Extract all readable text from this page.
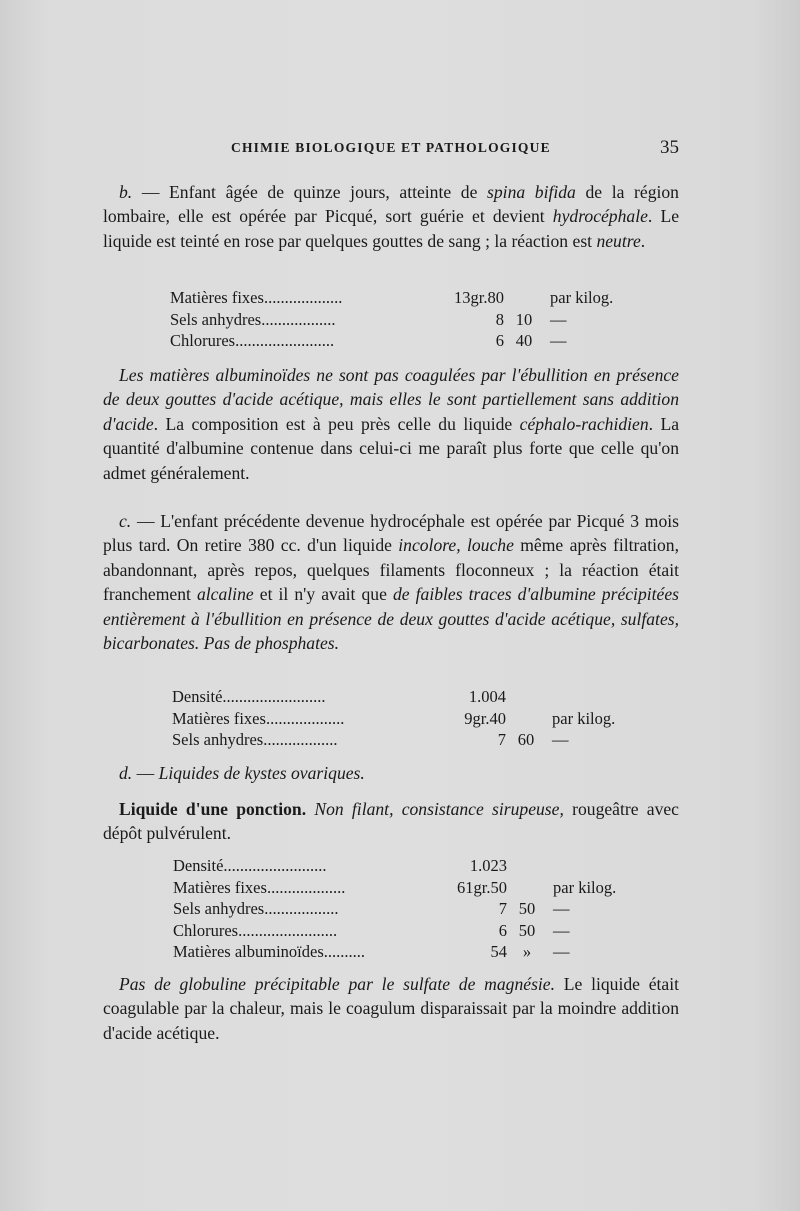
CHIMIE BIOLOGIQUE ET PATHOLOGIQUE	35

b. — Enfant âgée de quinze jours, atteinte de spina bifida de la région lombaire, elle est opérée par Picqué, sort guérie et devient hydrocéphale. Le liquide est teinté en rose par quelques gouttes de sang ; la réaction est neutre.

Matières fixes...................	13gr.80		par kilog.
Sels anhydres..................	8	10	—
Chlorures........................	6	40	—

Les matières albuminoïdes ne sont pas coagulées par l'ébullition en présence de deux gouttes d'acide acétique, mais elles le sont partiellement sans addition d'acide. La composition est à peu près celle du liquide céphalo-rachidien. La quantité d'albumine contenue dans celui-ci me paraît plus forte que celle qu'on admet généralement.

c. — L'enfant précédente devenue hydrocéphale est opérée par Picqué 3 mois plus tard. On retire 380 cc. d'un liquide incolore, louche même après filtration, abandonnant, après repos, quelques filaments floconneux ; la réaction était franchement alcaline et il n'y avait que de faibles traces d'albumine précipitées entièrement à l'ébullition en présence de deux gouttes d'acide acétique, sulfates, bicarbonates. Pas de phosphates.

Densité.........................	1.004		
Matières fixes...................	9gr.40		par kilog.
Sels anhydres..................	7	60	—

d. — Liquides de kystes ovariques.

Liquide d'une ponction. Non filant, consistance sirupeuse, rougeâtre avec dépôt pulvérulent.

Densité.........................	1.023		
Matières fixes...................	61gr.50		par kilog.
Sels anhydres..................	7	50	—
Chlorures........................	6	50	—
Matières albuminoïdes..........	54	»	—

Pas de globuline précipitable par le sulfate de magnésie. Le liquide était coagulable par la chaleur, mais le coagulum disparaissait par la moindre addition d'acide acétique.
